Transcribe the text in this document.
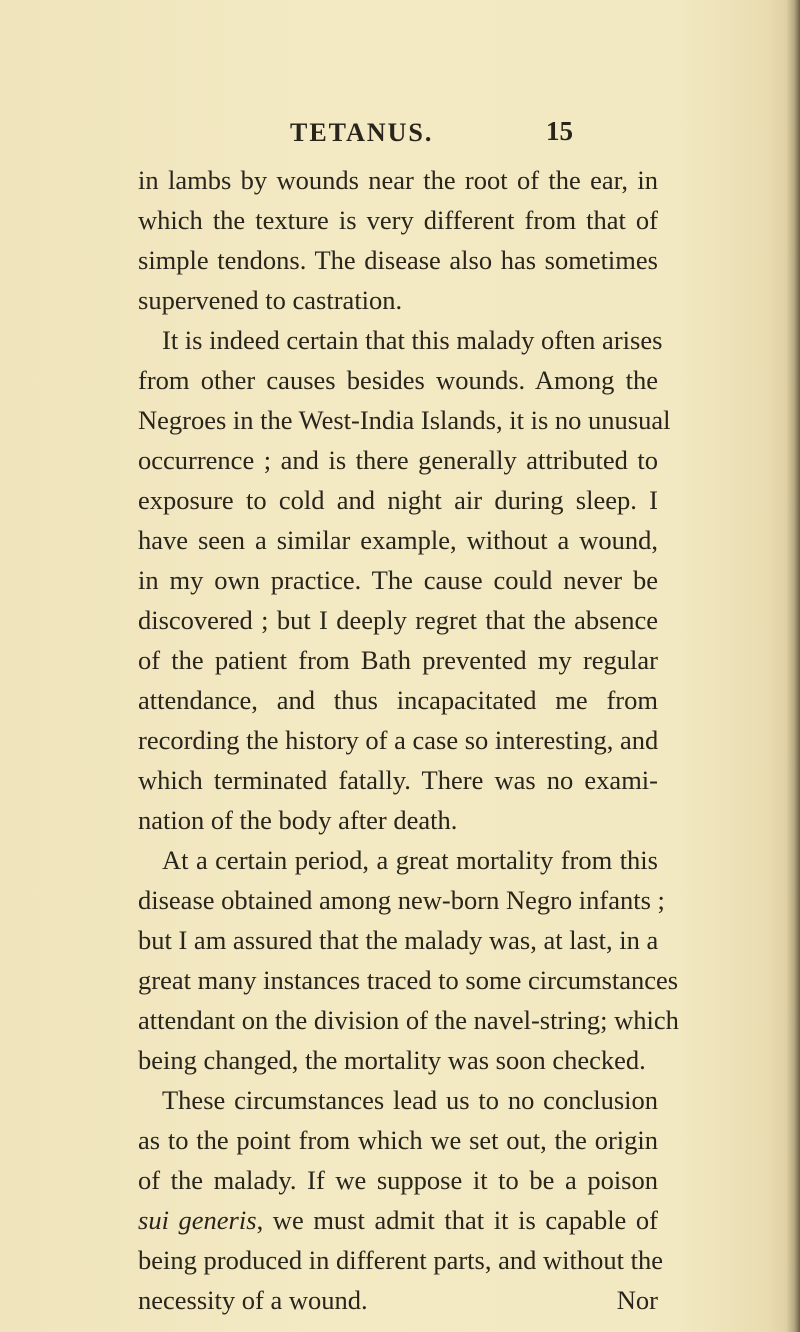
TETANUS.	15
in lambs by wounds near the root of the ear, in
which the texture is very different from that of
simple tendons. The disease also has sometimes
supervened to castration.
It is indeed certain that this malady often arises
from other causes besides wounds. Among the
Negroes in the West-India Islands, it is no unusual
occurrence ; and is there generally attributed to
exposure to cold and night air during sleep. I
have seen a similar example, without a wound,
in my own practice. The cause could never be
discovered ; but I deeply regret that the absence
of the patient from Bath prevented my regular
attendance, and thus incapacitated me from
recording the history of a case so interesting, and
which terminated fatally. There was no exami-
nation of the body after death.
At a certain period, a great mortality from this
disease obtained among new-born Negro infants ;
but I am assured that the malady was, at last, in a
great many instances traced to some circumstances
attendant on the division of the navel-string; which
being changed, the mortality was soon checked.
These circumstances lead us to no conclusion
as to the point from which we set out, the origin
of the malady. If we suppose it to be a poison
sui generis, we must admit that it is capable of
being produced in different parts, and without the
necessity of a wound.	Nor
